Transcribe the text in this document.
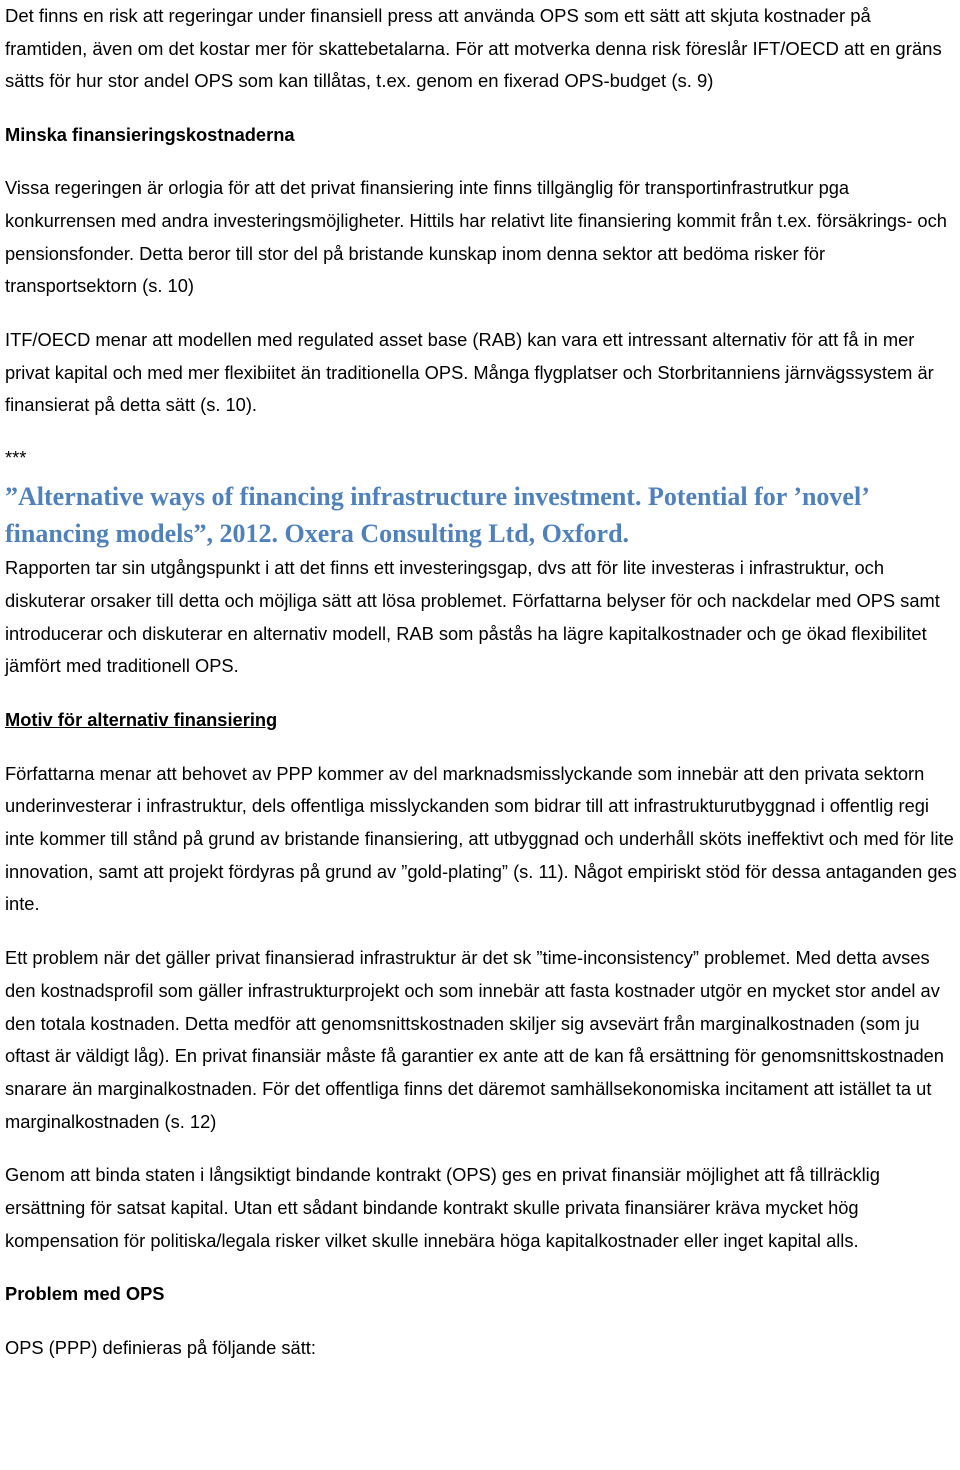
Det finns en risk att regeringar under finansiell press att använda OPS som ett sätt att skjuta kostnader på framtiden, även om det kostar mer för skattebetalarna. För att motverka denna risk föreslår IFT/OECD att en gräns sätts för hur stor andel OPS som kan tillåtas, t.ex. genom en fixerad OPS-budget (s. 9)

Minska finansieringskostnaderna

Vissa regeringen är orlogia för att det privat finansiering inte finns tillgänglig för transportinfrastrutkur pga konkurrensen med andra investeringsmöjligheter. Hittils har relativt lite finansiering kommit från t.ex. försäkrings- och pensionsfonder. Detta beror till stor del på bristande kunskap inom denna sektor att bedöma risker för transportsektorn (s. 10)

ITF/OECD menar att modellen med regulated asset base (RAB) kan vara ett intressant alternativ för att få in mer privat kapital och med mer flexibiitet än traditionella OPS. Många flygplatser och Storbritanniens järnvägssystem är finansierat på detta sätt (s. 10).

***

”Alternative ways of financing infrastructure investment. Potential for ’novel’ financing models”, 2012. Oxera Consulting Ltd, Oxford.

Rapporten tar sin utgångspunkt i att det finns ett investeringsgap, dvs att för lite investeras i infrastruktur, och diskuterar orsaker till detta och möjliga sätt att lösa problemet. Författarna belyser för och nackdelar med OPS samt introducerar och diskuterar en alternativ modell, RAB som påstås ha lägre kapitalkostnader och ge ökad flexibilitet jämfört med traditionell OPS.

Motiv för alternativ finansiering

Författarna menar att behovet av PPP kommer av del marknadsmisslyckande som innebär att den privata sektorn underinvesterar i infrastruktur, dels offentliga misslyckanden som bidrar till att infrastrukturutbyggnad i offentlig regi inte kommer till stånd på grund av bristande finansiering, att utbyggnad och underhåll sköts ineffektivt och med för lite innovation, samt att projekt fördyras på grund av ”gold-plating” (s. 11). Något empiriskt stöd för dessa antaganden ges inte.

Ett problem när det gäller privat finansierad infrastruktur är det sk ”time-inconsistency” problemet. Med detta avses den kostnadsprofil som gäller infrastrukturprojekt och som innebär att fasta kostnader utgör en mycket stor andel av den totala kostnaden. Detta medför att genomsnittskostnaden skiljer sig avsevärt från marginalkostnaden (som ju oftast är väldigt låg). En privat finansiär måste få garantier ex ante att de kan få ersättning för genomsnittskostnaden snarare än marginalkostnaden. För det offentliga finns det däremot samhällsekonomiska incitament att istället ta ut marginalkostnaden (s. 12)

Genom att binda staten i långsiktigt bindande kontrakt (OPS) ges en privat finansiär möjlighet att få tillräcklig ersättning för satsat kapital. Utan ett sådant bindande kontrakt skulle privata finansiärer kräva mycket hög kompensation för politiska/legala risker vilket skulle innebära höga kapitalkostnader eller inget kapital alls.

Problem med OPS

OPS (PPP) definieras på följande sätt:
